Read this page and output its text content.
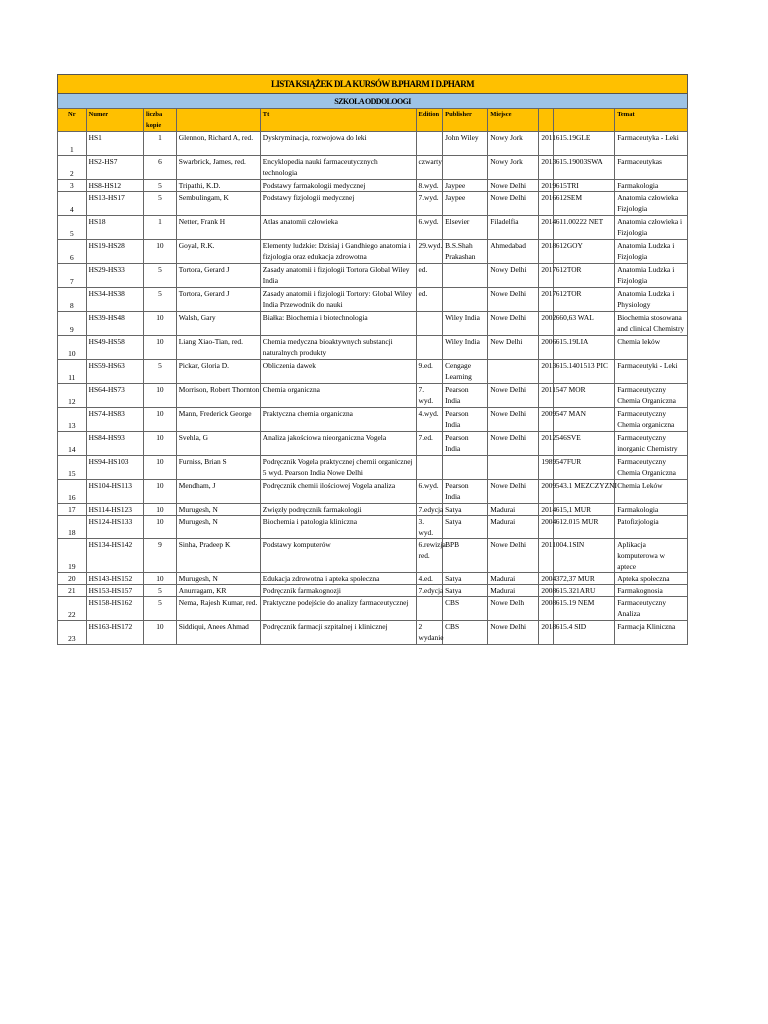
LISTA KSIĄŻEK DLA KURSÓW B.PHARM I D.PHARM
SZKOLA ODDOLOOGI
Nr	Numer	liczba kopie		Tt	Edition	Publisher	Miejsce			Temat
1	HS1	1	Glennon, Richard A, red.	Dyskryminacja, rozwojowa do leki		John Wiley	Nowy Jork	2011	615.19GLE	Farmaceutyka - Leki
2	HS2-HS7	6	Swarbrick, James, red.	Encyklopedia nauki farmaceutycznych technologia	czwarty		Nowy Jork	2013	615.19003SWA	Farmaceutykas
3	HS8-HS12	5	Tripathi, K.D.	Podstawy farmakologii medycznej	8.wyd.	Jaypee	Nowe Delhi	2019	615TRI	Farmakologia
4	HS13-HS17	5	Sembulingam, K	Podstawy fizjologii medycznej	7.wyd.	Jaypee	Nowe Delhi	2016	612SEM	Anatomia człowieka Fizjologia
5	HS18	1	Netter, Frank H	Atlas anatomii człowieka	6.wyd.	Elsevier	Filadelfia	2014	611.00222 NET	Anatomia człowieka i Fizjologia
6	HS19-HS28	10	Goyal, R.K.	Elementy ludzkie: Dzisiaj i Gandhiego anatomia i fizjologia oraz edukacja zdrowotna	29.wyd.	B.S.Shah Prakashan	Ahmedabad	2018	612GOY	Anatomia Ludzka i Fizjologia
7	HS29-HS33	5	Tortora, Gerard J	Zasady anatomii i fizjologii Tortora Global Wiley India	ed.		Nowy Delhi	2017	612TOR	Anatomia Ludzka i Fizjologia
8	HS34-HS38	5	Tortora, Gerard J	Zasady anatomii i fizjologii Tortory: Global Wiley India Przewodnik do nauki	ed.		Nowe Delhi	2017	612TOR	Anatomia Ludzka i Physiology
9	HS39-HS48	10	Walsh, Gary	Białka: Biochemia i biotechnologia		Wiley India	Nowe Delhi	2002	660,63 WAL	Biochemia stosowana and clinical Chemistry
10	HS49-HS58	10	Liang Xiao-Tian, red.	Chemia medyczna bioaktywnych substancji naturalnych produkty		Wiley India	New Delhi	2006	615.19LIA	Chemia leków
11	HS59-HS63	5	Pickar, Gloria D.	Obliczenia dawek	9.ed.	Cengage Learning		2013	615.1401513 PIC	Farmaceutyki - Leki
12	HS64-HS73	10	Morrison, Robert Thornton	Chemia organiczna	7. wyd.	Pearson India	Nowe Delhi	2011	547 MOR	Farmaceutyczny Chemia Organiczna
13	HS74-HS83	10	Mann, Frederick George	Praktyczna chemia organiczna	4.wyd.	Pearson India	Nowe Delhi	2009	547 MAN	Farmaceutyczny Chemia organiczna
14	HS84-HS93	10	Svehla, G	Analiza jakościowa nieorganiczna Vogela	7.ed.	Pearson India	Nowe Delhi	2012	546SVE	Farmaceutyczny inorganic Chemistry
15	HS94-HS103	10	Furniss, Brian S	Podręcznik Vogela praktycznej chemii organicznej 5 wyd. Pearson India Nowe Delhi				1989	547FUR	Farmaceutyczny Chemia Organiczna
16	HS104-HS113	10	Mendham, J	Podręcznik chemii ilościowej Vogela analiza	6.wyd.	Pearson India	Nowe Delhi	2009	543.1 MEZCZYZNI	Chemia Leków
17	HS114-HS123	10	Murugesh, N	Zwięzły podręcznik farmakologii	7.edycja	Satya	Madurai	2014	615,1 MUR	Farmakologia
18	HS124-HS133	10	Murugesh, N	Biochemia i patologia kliniczna	3. wyd.	Satya	Madurai	2004	612.015 MUR	Patofizjologia
19	HS134-HS142	9	Sinha, Pradeep K	Podstawy komputerów	6.rewizja red.	BPB	Nowe Delhi	2011	004.1SIN	Aplikacja komputerowa w aptece
20	HS143-HS152	10	Murugesh, N	Edukacja zdrowotna i apteka społeczna	4.ed.	Satya	Madurai	2004	372,37 MUR	Apteka społeczna
21	HS153-HS157	5	Anurragam, KR	Podręcznik farmakognozji	7.edycja	Satya	Madurai	2008	615.321ARU	Farmakognosia
22	HS158-HS162	5	Nema, Rajesh Kumar, red.	Praktyczne podejście do analizy farmaceutycznej		CBS	Nowe Delh	2008	615.19 NEM	Farmaceutyczny Analiza
23	HS163-HS172	10	Siddiqui, Anees Ahmad	Podręcznik farmacji szpitalnej i klinicznej	2 wydanie	CBS	Nowe Delhi	2018	615.4 SID	Farmacja Kliniczna
